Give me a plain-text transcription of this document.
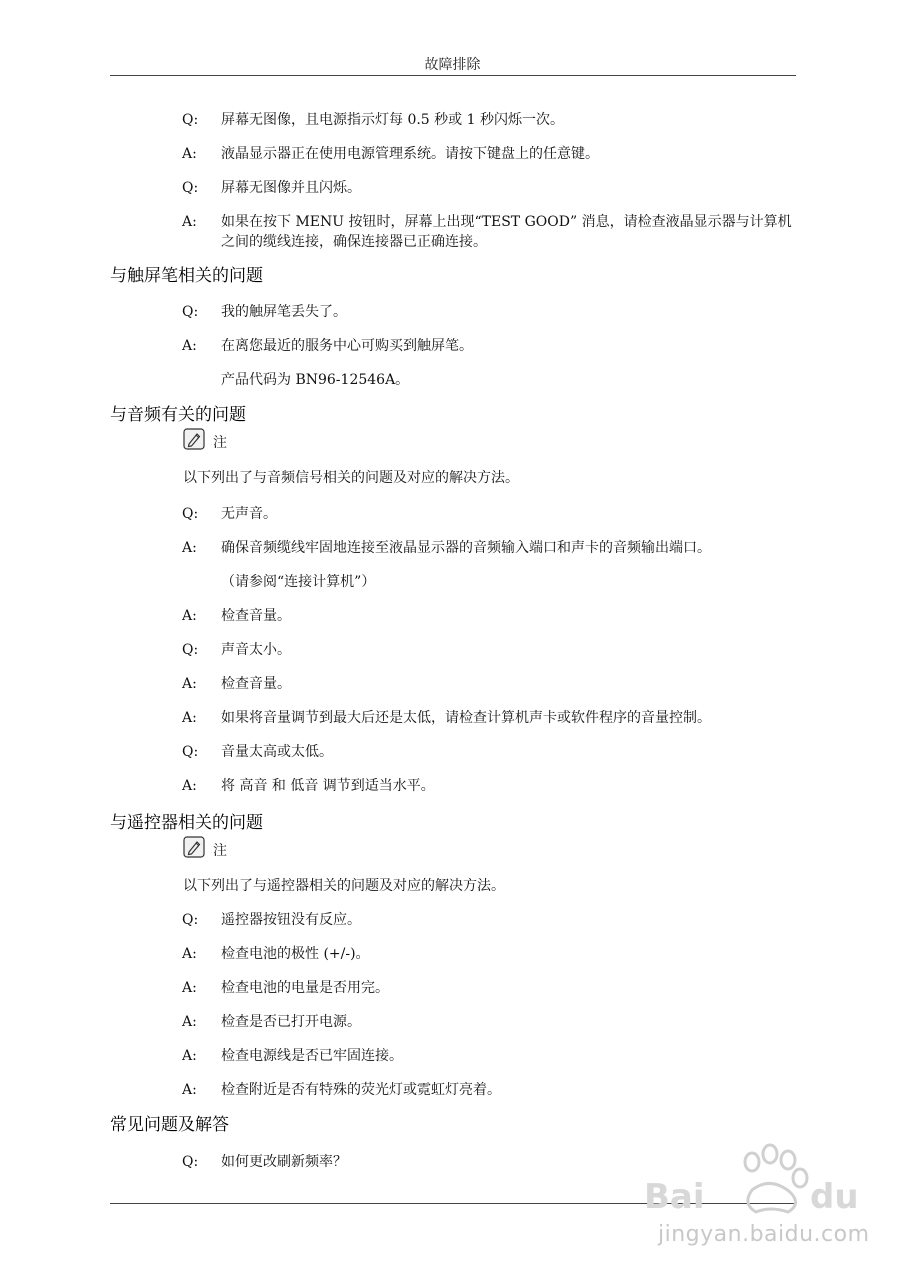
故障排除
Q:	屏幕无图像，且电源指示灯每 0.5 秒或 1 秒闪烁一次。
A:	液晶显示器正在使用电源管理系统。请按下键盘上的任意键。
Q:	屏幕无图像并且闪烁。
A:	如果在按下 MENU 按钮时，屏幕上出现“TEST GOOD” 消息，请检查液晶显示器与计算机之间的缆线连接，确保连接器已正确连接。
与触屏笔相关的问题
Q:	我的触屏笔丢失了。
A:	在离您最近的服务中心可购买到触屏笔。
产品代码为 BN96-12546A。
与音频有关的问题
注
以下列出了与音频信号相关的问题及对应的解决方法。
Q:	无声音。
A:	确保音频缆线牢固地连接至液晶显示器的音频输入端口和声卡的音频输出端口。
（请参阅“连接计算机”）
A:	检查音量。
Q:	声音太小。
A:	检查音量。
A:	如果将音量调节到最大后还是太低，请检查计算机声卡或软件程序的音量控制。
Q:	音量太高或太低。
A:	将 高音 和 低音 调节到适当水平。
与遥控器相关的问题
注
以下列出了与遥控器相关的问题及对应的解决方法。
Q:	遥控器按钮没有反应。
A:	检查电池的极性 (+/-)。
A:	检查电池的电量是否用完。
A:	检查是否已打开电源。
A:	检查电源线是否已牢固连接。
A:	检查附近是否有特殊的荧光灯或霓虹灯亮着。
常见问题及解答
Q:	如何更改刷新频率？
Bai	du
jingyan.baidu.com
